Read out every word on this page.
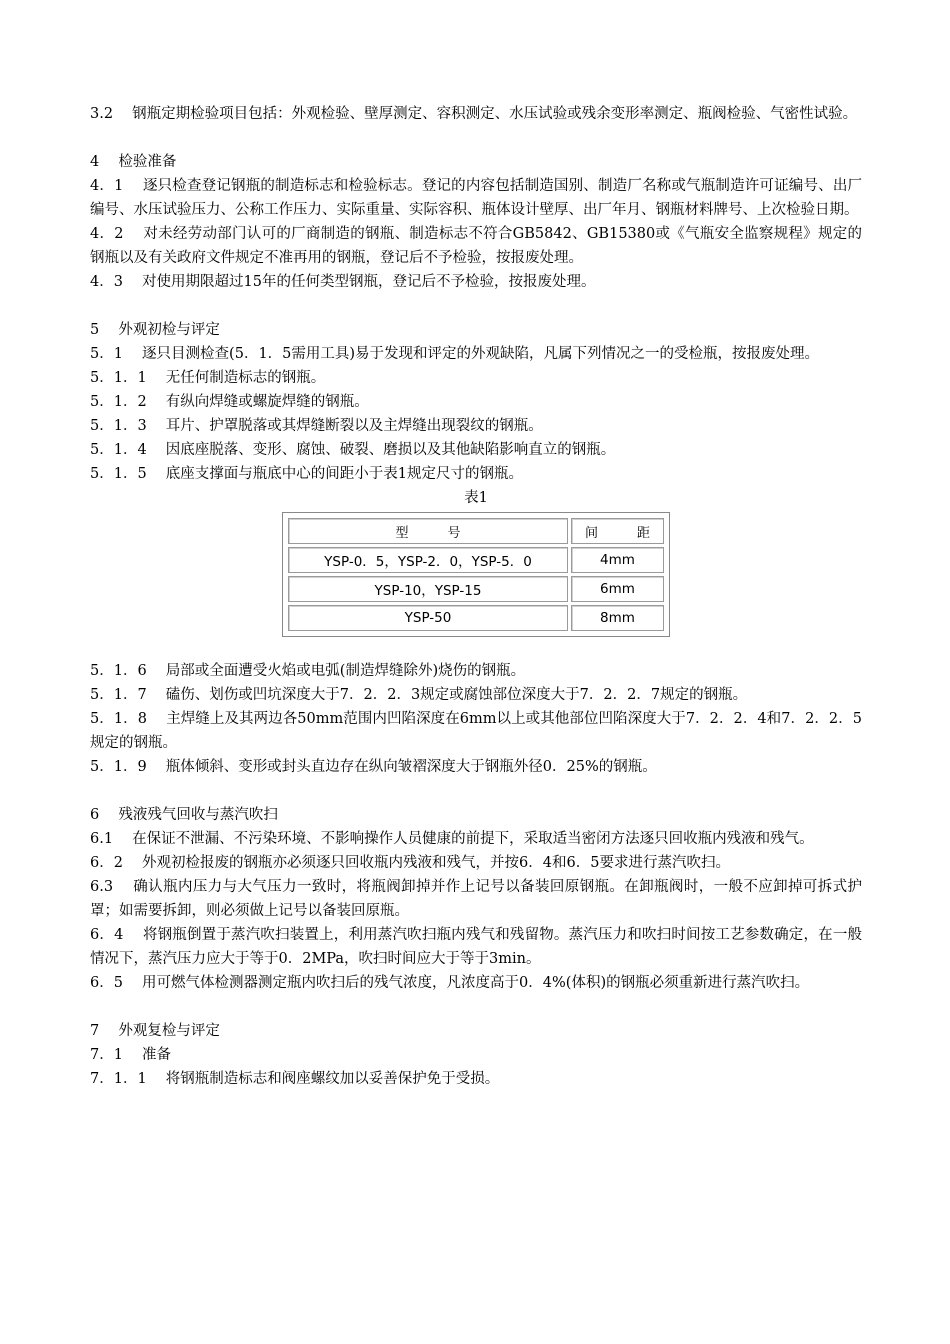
3.2　 钢瓶定期检验项目包括：外观检验、壁厚测定、容积测定、水压试验或残余变形率测定、瓶阀检验、气密性试验。

4　 检验准备

4．1　 逐只检查登记钢瓶的制造标志和检验标志。登记的内容包括制造国别、制造厂名称或气瓶制造许可证编号、出厂编号、水压试验压力、公称工作压力、实际重量、实际容积、瓶体设计壁厚、出厂年月、钢瓶材料牌号、上次检验日期。

4．2　 对未经劳动部门认可的厂商制造的钢瓶、制造标志不符合GB5842、GB15380或《气瓶安全监察规程》规定的钢瓶以及有关政府文件规定不准再用的钢瓶，登记后不予检验，按报废处理。

4．3　 对使用期限超过15年的任何类型钢瓶，登记后不予检验，按报废处理。

5　 外观初检与评定

5．1　 逐只目测检查(5．1．5需用工具)易于发现和评定的外观缺陷，凡属下列情况之一的受检瓶，按报废处理。

5．1．1　 无任何制造标志的钢瓶。

5．1．2　 有纵向焊缝或螺旋焊缝的钢瓶。

5．1．3　 耳片、护罩脱落或其焊缝断裂以及主焊缝出现裂纹的钢瓶。

5．1．4　 因底座脱落、变形、腐蚀、破裂、磨损以及其他缺陷影响直立的钢瓶。

5．1．5　 底座支撑面与瓶底中心的间距小于表1规定尺寸的钢瓶。

表1
型　　　号	间　　　距
YSP-0．5，YSP-2．0，YSP-5．0	4mm
YSP-10，YSP-15	6mm
YSP-50	8mm

5．1．6　 局部或全面遭受火焰或电弧(制造焊缝除外)烧伤的钢瓶。

5．1．7　 磕伤、划伤或凹坑深度大于7．2．2．3规定或腐蚀部位深度大于7．2．2．7规定的钢瓶。

5．1．8　 主焊缝上及其两边各50mm范围内凹陷深度在6mm以上或其他部位凹陷深度大于7．2．2．4和7．2．2．5规定的钢瓶。

5．1．9　 瓶体倾斜、变形或封头直边存在纵向皱褶深度大于钢瓶外径0．25%的钢瓶。

6　 残液残气回收与蒸汽吹扫

6.1　 在保证不泄漏、不污染环境、不影响操作人员健康的前提下，采取适当密闭方法逐只回收瓶内残液和残气。

6．2　 外观初检报废的钢瓶亦必须逐只回收瓶内残液和残气，并按6．4和6．5要求进行蒸汽吹扫。

6.3　 确认瓶内压力与大气压力一致时，将瓶阀卸掉并作上记号以备装回原钢瓶。在卸瓶阀时，一般不应卸掉可拆式护罩；如需要拆卸，则必须做上记号以备装回原瓶。

6．4　 将钢瓶倒置于蒸汽吹扫装置上，利用蒸汽吹扫瓶内残气和残留物。蒸汽压力和吹扫时间按工艺参数确定，在一般情况下，蒸汽压力应大于等于0．2MPa，吹扫时间应大于等于3min。

6．5　 用可燃气体检测器测定瓶内吹扫后的残气浓度，凡浓度高于0．4%(体积)的钢瓶必须重新进行蒸汽吹扫。

7　 外观复检与评定

7．1　 准备

7．1．1　 将钢瓶制造标志和阀座螺纹加以妥善保护免于受损。
